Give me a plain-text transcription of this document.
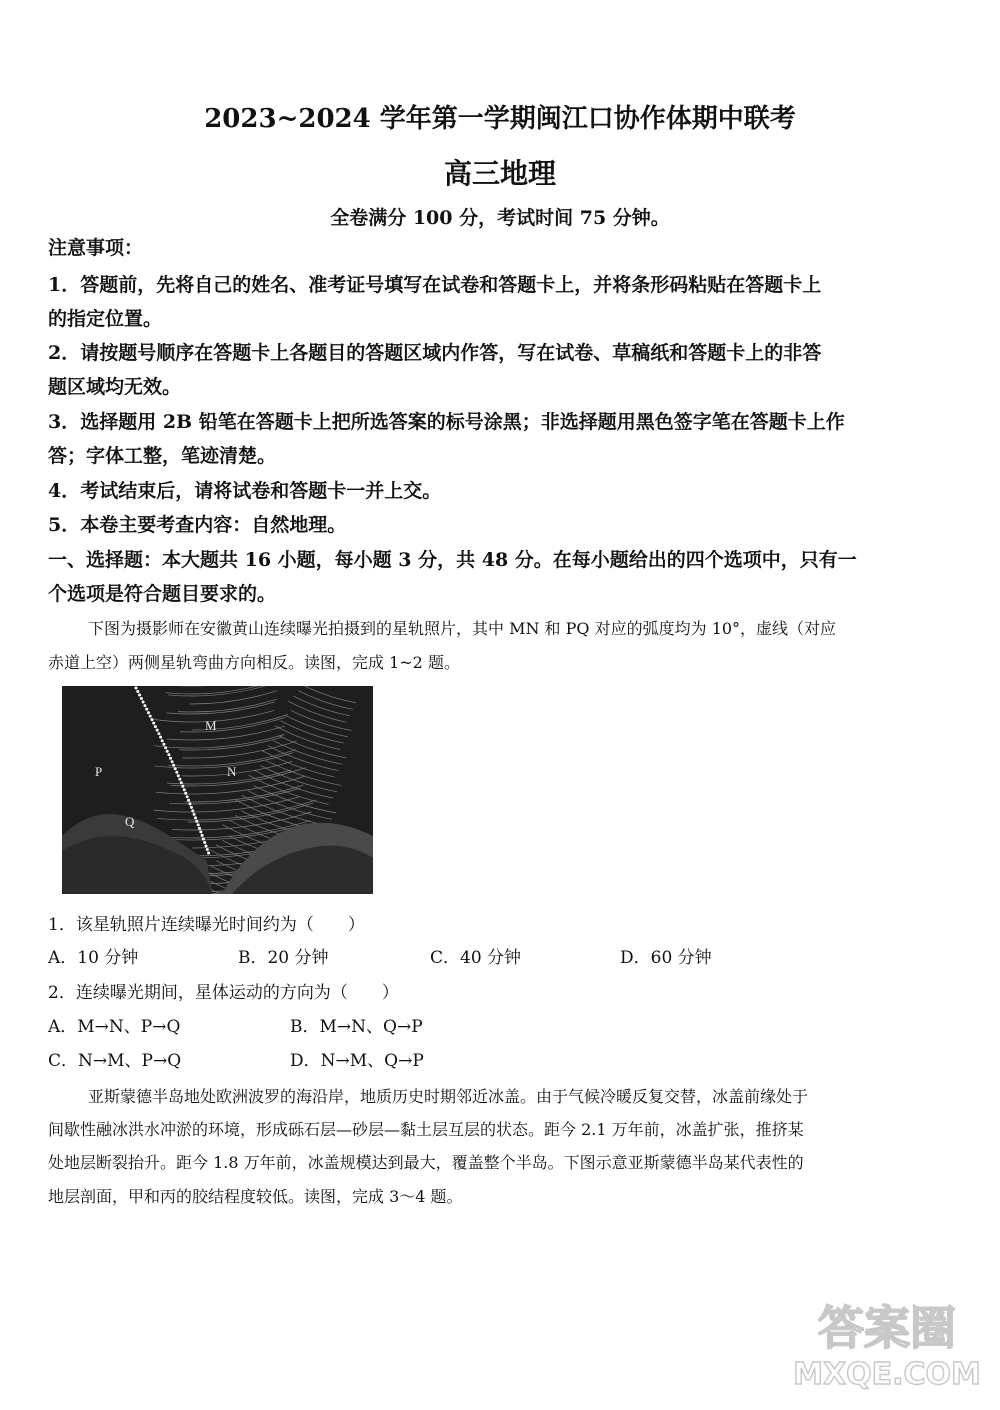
2023~2024 学年第一学期闽江口协作体期中联考
高三地理
全卷满分 100 分，考试时间 75 分钟。
注意事项：
1．答题前，先将自己的姓名、准考证号填写在试卷和答题卡上，并将条形码粘贴在答题卡上
的指定位置。
2．请按题号顺序在答题卡上各题目的答题区域内作答，写在试卷、草稿纸和答题卡上的非答
题区域均无效。
3．选择题用 2B 铅笔在答题卡上把所选答案的标号涂黑；非选择题用黑色签字笔在答题卡上作
答；字体工整，笔迹清楚。
4．考试结束后，请将试卷和答题卡一并上交。
5．本卷主要考查内容：自然地理。
一、选择题：本大题共 16 小题，每小题 3 分，共 48 分。在每小题给出的四个选项中，只有一
个选项是符合题目要求的。
下图为摄影师在安徽黄山连续曝光拍摄到的星轨照片，其中 MN 和 PQ 对应的弧度均为 10°，虚线（对应
赤道上空）两侧星轨弯曲方向相反。读图，完成 1~2 题。
M
N
P
Q
1．该星轨照片连续曝光时间约为（　　）
A．10 分钟	B．20 分钟	C．40 分钟	D．60 分钟
2．连续曝光期间，星体运动的方向为（　　）
A．M→N、P→Q	B．M→N、Q→P
C．N→M、P→Q	D．N→M、Q→P
亚斯蒙德半岛地处欧洲波罗的海沿岸，地质历史时期邻近冰盖。由于气候冷暖反复交替，冰盖前缘处于
间歇性融冰洪水冲淤的环境，形成砾石层—砂层—黏土层互层的状态。距今 2.1 万年前，冰盖扩张，推挤某
处地层断裂抬升。距今 1.8 万年前，冰盖规模达到最大，覆盖整个半岛。下图示意亚斯蒙德半岛某代表性的
地层剖面，甲和丙的胶结程度较低。读图，完成 3～4 题。
答案圈
MXQE.COM
